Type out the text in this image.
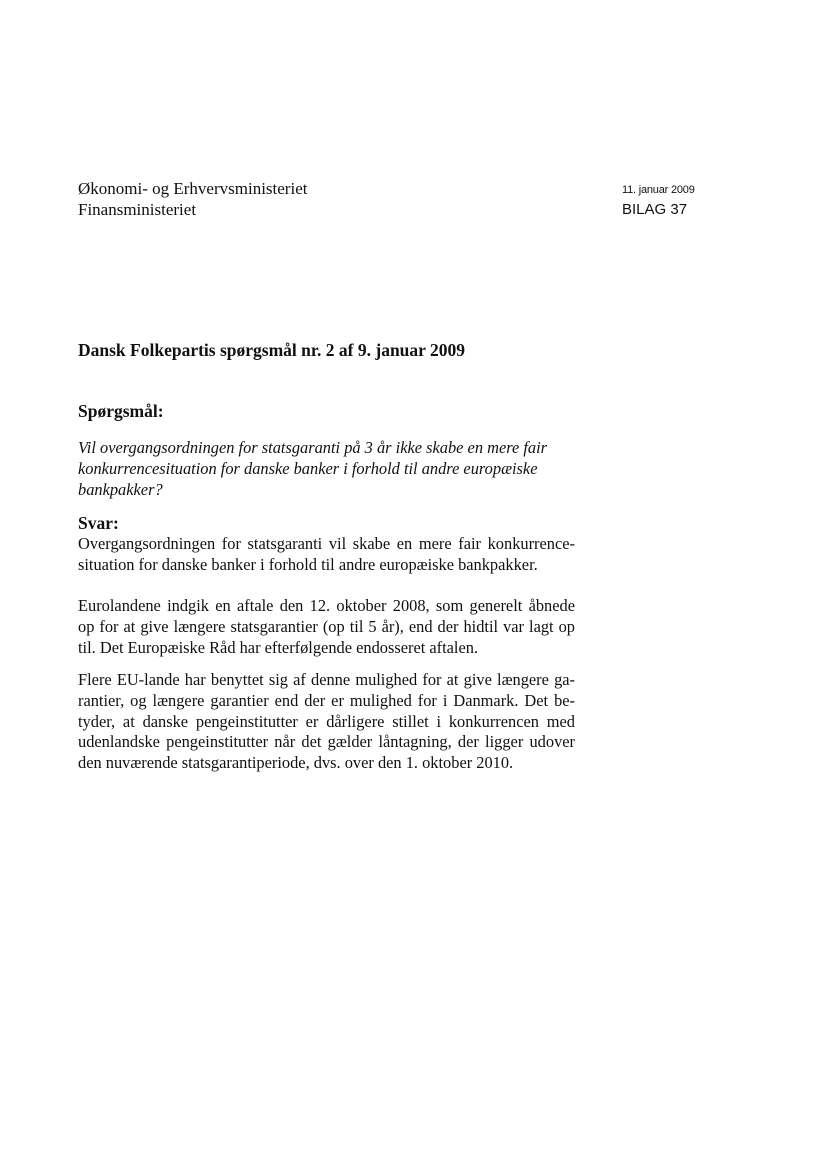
Økonomi- og Erhvervsministeriet
Finansministeriet
11. januar 2009
BILAG 37
Dansk Folkepartis spørgsmål nr. 2 af 9. januar 2009
Spørgsmål:

Vil overgangsordningen for statsgaranti på 3 år ikke skabe en mere fair
konkurrencesituation for danske banker i forhold til andre europæiske
bankpakker?

Svar:

Overgangsordningen for statsgaranti vil skabe en mere fair konkurrence-
situation for danske banker i forhold til andre europæiske bankpakker.

Eurolandene indgik en aftale den 12. oktober 2008, som generelt åbnede
op for at give længere statsgarantier (op til 5 år), end der hidtil var lagt op
til. Det Europæiske Råd har efterfølgende endosseret aftalen.

Flere EU-lande har benyttet sig af denne mulighed for at give længere ga-
rantier, og længere garantier end der er mulighed for i Danmark. Det be-
tyder, at danske pengeinstitutter er dårligere stillet i konkurrencen med
udenlandske pengeinstitutter når det gælder låntagning, der ligger udover
den nuværende statsgarantiperiode, dvs. over den 1. oktober 2010.
